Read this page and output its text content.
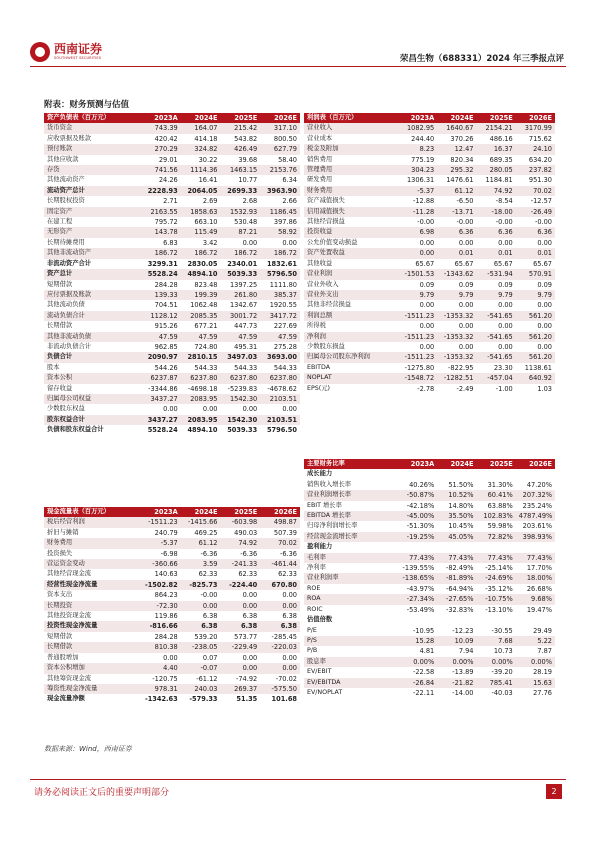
西南证券
SOUTHWEST SECURITIES	荣昌生物（688331）2024 年三季报点评
附表：财务预测与估值
资产负债表（百万元）	2023A	2024E	2025E	2026E
货币资金	743.39	164.07	215.42	317.10
应收票据及账款	420.42	414.18	543.82	800.50
预付账款	270.29	324.82	426.49	627.79
其他应收款	29.01	30.22	39.68	58.40
存货	741.56	1114.36	1463.15	2153.76
其他流动资产	24.26	16.41	10.77	6.34
流动资产总计	2228.93	2064.05	2699.33	3963.90
长期股权投资	2.71	2.69	2.68	2.66
固定资产	2163.55	1858.63	1532.93	1186.45
在建工程	795.72	663.10	530.48	397.86
无形资产	143.78	115.49	87.21	58.92
长期待摊费用	6.83	3.42	0.00	0.00
其他非流动资产	186.72	186.72	186.72	186.72
非流动资产合计	3299.31	2830.05	2340.01	1832.61
资产总计	5528.24	4894.10	5039.33	5796.50
短期借款	284.28	823.48	1397.25	1111.80
应付票据及账款	139.33	199.39	261.80	385.37
其他流动负债	704.51	1062.48	1342.67	1920.55
流动负债合计	1128.12	2085.35	3001.72	3417.72
长期借款	915.26	677.21	447.73	227.69
其他非流动负债	47.59	47.59	47.59	47.59
非流动负债合计	962.85	724.80	495.31	275.28
负债合计	2090.97	2810.15	3497.03	3693.00
股本	544.26	544.33	544.33	544.33
资本公积	6237.87	6237.80	6237.80	6237.80
留存收益	-3344.86	-4698.18	-5239.83	-4678.62
归属母公司权益	3437.27	2083.95	1542.30	2103.51
少数股东权益	0.00	0.00	0.00	0.00
股东权益合计	3437.27	2083.95	1542.30	2103.51
负债和股东权益合计	5528.24	4894.10	5039.33	5796.50
利润表（百万元）	2023A	2024E	2025E	2026E
营业收入	1082.95	1640.67	2154.21	3170.99
营业成本	244.40	370.26	486.16	715.62
税金及附加	8.23	12.47	16.37	24.10
销售费用	775.19	820.34	689.35	634.20
管理费用	304.23	295.32	280.05	237.82
研发费用	1306.31	1476.61	1184.81	951.30
财务费用	-5.37	61.12	74.92	70.02
资产减值损失	-12.88	-6.50	-8.54	-12.57
信用减值损失	-11.28	-13.71	-18.00	-26.49
其他经营损益	-0.00	-0.00	-0.00	-0.00
投资收益	6.98	6.36	6.36	6.36
公允价值变动损益	0.00	0.00	0.00	0.00
资产处置收益	0.00	0.01	0.01	0.01
其他收益	65.67	65.67	65.67	65.67
营业利润	-1501.53	-1343.62	-531.94	570.91
营业外收入	0.09	0.09	0.09	0.09
营业外支出	9.79	9.79	9.79	9.79
其他非经营损益	0.00	0.00	0.00	0.00
利润总额	-1511.23	-1353.32	-541.65	561.20
所得税	0.00	0.00	0.00	0.00
净利润	-1511.23	-1353.32	-541.65	561.20
少数股东损益	0.00	0.00	0.00	0.00
归属母公司股东净利润	-1511.23	-1353.32	-541.65	561.20
EBITDA	-1275.80	-822.95	23.30	1138.61
NOPLAT	-1548.72	-1282.51	-457.04	640.92
EPS(元)	-2.78	-2.49	-1.00	1.03
现金流量表（百万元）	2023A	2024E	2025E	2026E
税后经营利润	-1511.23	-1415.66	-603.98	498.87
折旧与摊销	240.79	469.25	490.03	507.39
财务费用	-5.37	61.12	74.92	70.02
投资损失	-6.98	-6.36	-6.36	-6.36
营运资金变动	-360.66	3.59	-241.33	-461.44
其他经营现金流	140.63	62.33	62.33	62.33
经营性现金净流量	-1502.82	-825.73	-224.40	670.80
资本支出	864.23	-0.00	0.00	0.00
长期投资	-72.30	0.00	0.00	0.00
其他投资现金流	119.86	6.38	6.38	6.38
投资性现金净流量	-816.66	6.38	6.38	6.38
短期借款	284.28	539.20	573.77	-285.45
长期借款	810.38	-238.05	-229.49	-220.03
普通股增加	0.00	0.07	0.00	0.00
资本公积增加	4.40	-0.07	0.00	0.00
其他筹资现金流	-120.75	-61.12	-74.92	-70.02
筹资性现金净流量	978.31	240.03	269.37	-575.50
现金流量净额	-1342.63	-579.33	51.35	101.68
主要财务比率	2023A	2024E	2025E	2026E
成长能力				
销售收入增长率	40.26%	51.50%	31.30%	47.20%
营业利润增长率	-50.87%	10.52%	60.41%	207.32%
EBIT 增长率	-42.18%	14.80%	63.88%	235.24%
EBITDA 增长率	-45.00%	35.50%	102.83%	4787.49%
归母净利润增长率	-51.30%	10.45%	59.98%	203.61%
经营现金流增长率	-19.25%	45.05%	72.82%	398.93%
盈利能力				
毛利率	77.43%	77.43%	77.43%	77.43%
净利率	-139.55%	-82.49%	-25.14%	17.70%
营业利润率	-138.65%	-81.89%	-24.69%	18.00%
ROE	-43.97%	-64.94%	-35.12%	26.68%
ROA	-27.34%	-27.65%	-10.75%	9.68%
ROIC	-53.49%	-32.83%	-13.10%	19.47%
估值倍数				
P/E	-10.95	-12.23	-30.55	29.49
P/S	15.28	10.09	7.68	5.22
P/B	4.81	7.94	10.73	7.87
股息率	0.00%	0.00%	0.00%	0.00%
EV/EBIT	-22.58	-13.89	-39.20	28.19
EV/EBITDA	-26.84	-21.82	785.41	15.63
EV/NOPLAT	-22.11	-14.00	-40.03	27.76
数据来源：Wind，西南证券
请务必阅读正文后的重要声明部分	2
